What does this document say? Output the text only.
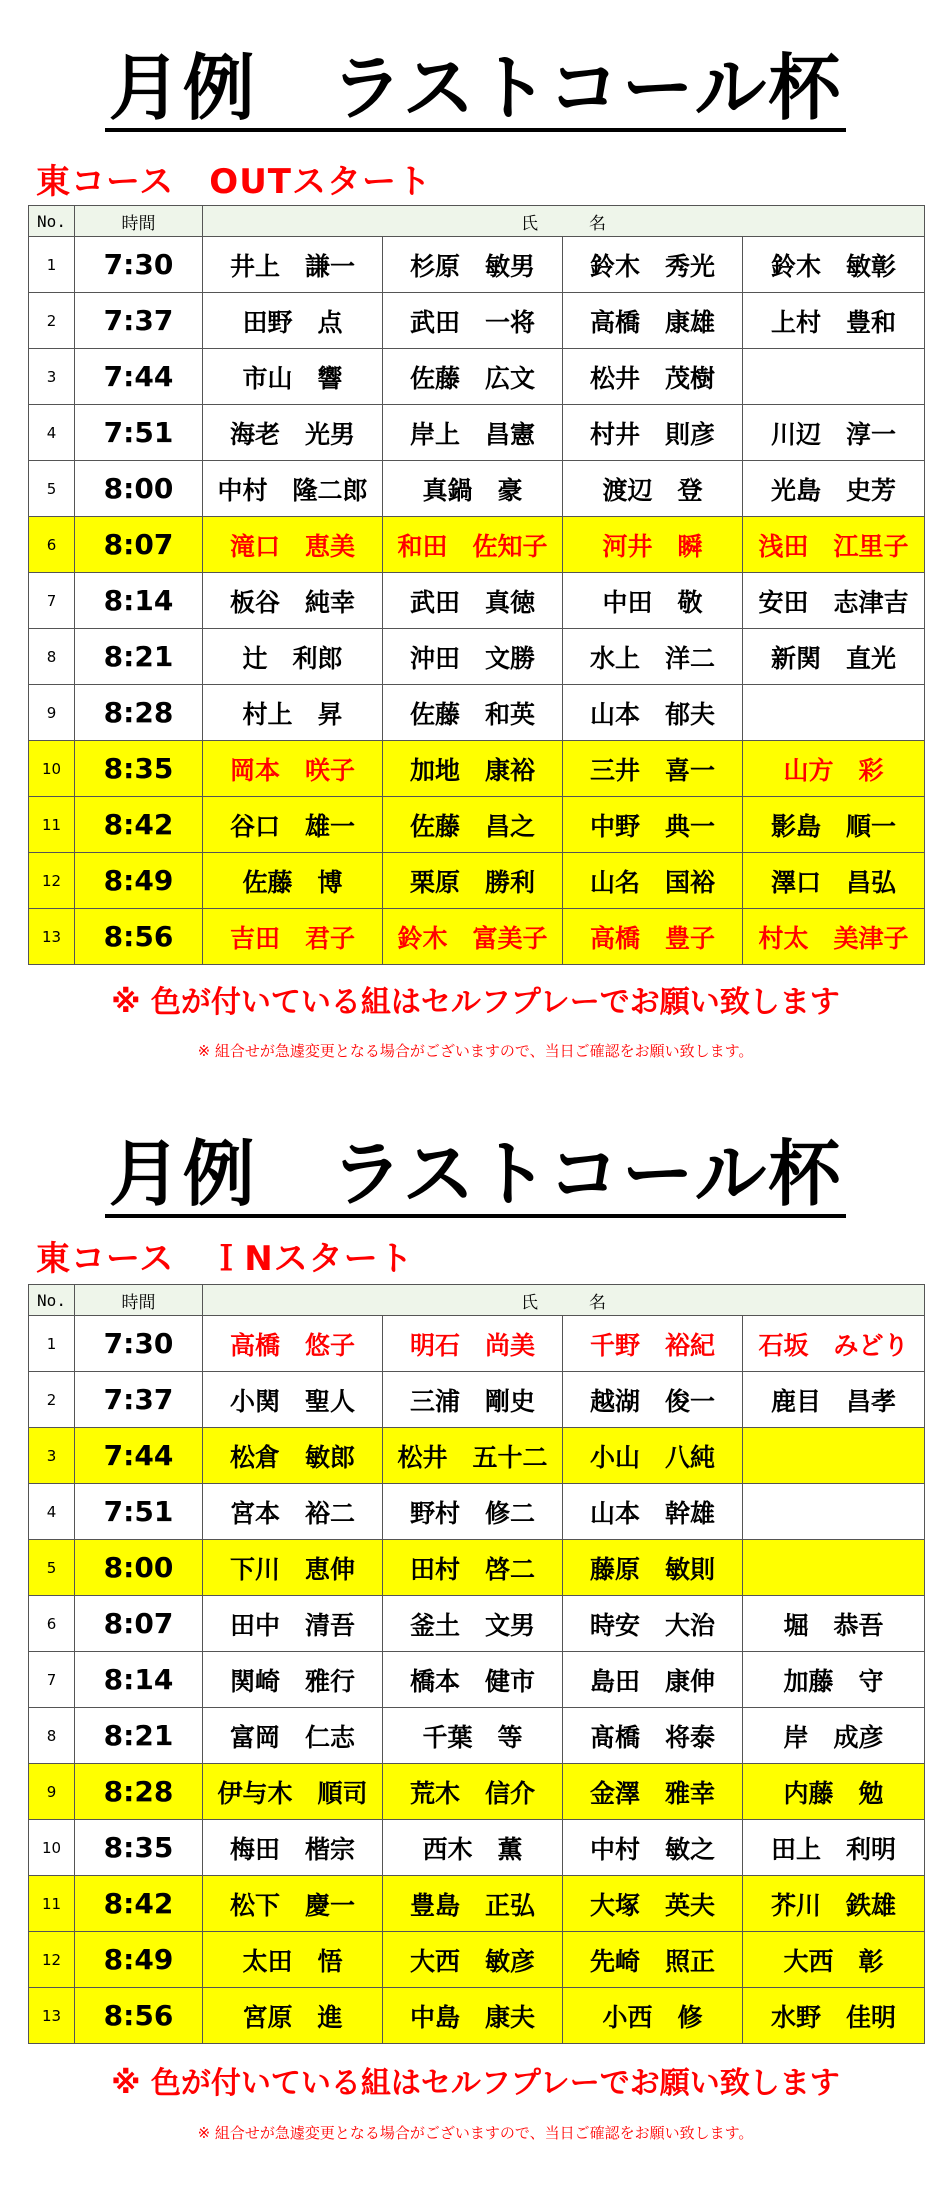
月例　ラストコール杯
東コース　OUTスタート
No.	時間	氏　　　名			
1	7:30	井上　謙一	杉原　敏男	鈴木　秀光	鈴木　敏彰
2	7:37	田野　点	武田　一将	高橋　康雄	上村　豊和
3	7:44	市山　響	佐藤　広文	松井　茂樹	
4	7:51	海老　光男	岸上　昌憲	村井　則彦	川辺　淳一
5	8:00	中村　隆二郎	真鍋　豪	渡辺　登	光島　史芳
6	8:07	滝口　恵美	和田　佐知子	河井　瞬	浅田　江里子
7	8:14	板谷　純幸	武田　真徳	中田　敬	安田　志津吉
8	8:21	辻　利郎	沖田　文勝	水上　洋二	新関　直光
9	8:28	村上　昇	佐藤　和英	山本　郁夫	
10	8:35	岡本　咲子	加地　康裕	三井　喜一	山方　彩
11	8:42	谷口　雄一	佐藤　昌之	中野　典一	影島　順一
12	8:49	佐藤　博	栗原　勝利	山名　国裕	澤口　昌弘
13	8:56	吉田　君子	鈴木　富美子	高橋　豊子	村太　美津子
※ 色が付いている組はセルフプレーでお願い致します
※ 組合せが急遽変更となる場合がございますので、当日ご確認をお願い致します。
月例　ラストコール杯
東コース　ＩNスタート
No.	時間	氏　　　名			
1	7:30	高橋　悠子	明石　尚美	千野　裕紀	石坂　みどり
2	7:37	小関　聖人	三浦　剛史	越湖　俊一	鹿目　昌孝
3	7:44	松倉　敏郎	松井　五十二	小山　八純	
4	7:51	宮本　裕二	野村　修二	山本　幹雄	
5	8:00	下川　恵伸	田村　啓二	藤原　敏則	
6	8:07	田中　清吾	釜土　文男	時安　大治	堀　恭吾
7	8:14	関崎　雅行	橋本　健市	島田　康伸	加藤　守
8	8:21	富岡　仁志	千葉　等	髙橋　将泰	岸　成彦
9	8:28	伊与木　順司	荒木　信介	金澤　雅幸	内藤　勉
10	8:35	梅田　楷宗	西木　薫	中村　敏之	田上　利明
11	8:42	松下　慶一	豊島　正弘	大塚　英夫	芥川　鉄雄
12	8:49	太田　悟	大西　敏彦	先崎　照正	大西　彰
13	8:56	宮原　進	中島　康夫	小西　修	水野　佳明
※ 色が付いている組はセルフプレーでお願い致します
※ 組合せが急遽変更となる場合がございますので、当日ご確認をお願い致します。
